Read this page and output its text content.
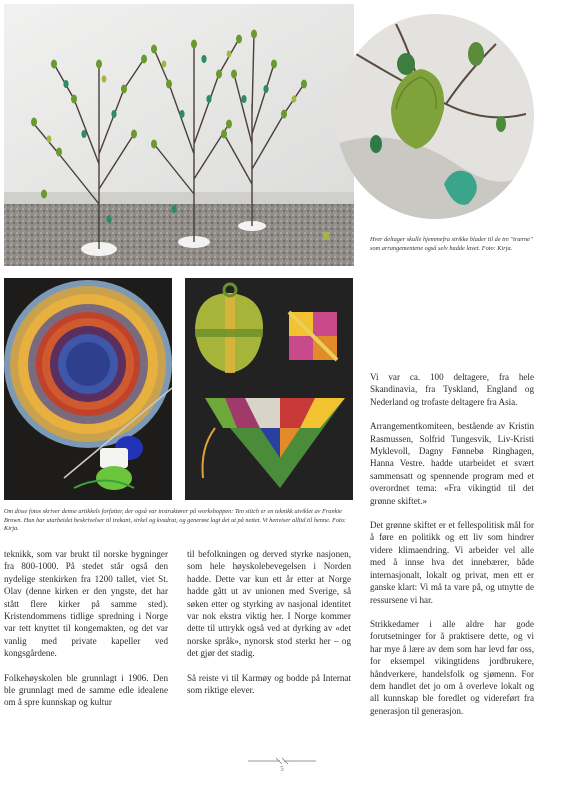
Hver deltager skulle hjemmefra strikke blader til de tre "trærne" som arrangementene også selv hadde lavet. Foto: Kirja.
Om disse fotos skriver denne artikkels forfatter, der også var instruktører på workshoppen: Ten stitch er en teknikk utviklet av Frankie Brown. Hun har utarbeidet beskrivelser til trekant, sirkel og kvadrat, og generøst lagt det ut på nettet. Vi henviser alltid til henne. Foto: Kirja.

teknikk, som var brukt til norske bygninger fra 800-1000. På stedet står også den nydelige stenkirken fra 1200 tallet, viet St. Olav (denne kirken er den yngste, det har stått flere kirker på samme sted). Kristendommens tidlige spredning i Norge var tett knyttet til kongemakten, og det var vanlig med private kapeller ved kongsgårdene.

Folkehøyskolen ble grunnlagt i 1906. Den ble grunnlagt med de samme edle idealene om å spre kunnskap og kultur

til befolkningen og derved styrke nasjonen, som hele høyskolebevegelsen i Norden hadde. Dette var kun ett år etter at Norge hadde gått ut av unionen med Sverige, så søken etter og styrking av nasjonal identitet var nok ekstra viktig her. I Norge kommer dette til uttrykk også ved at dyrking av «det norske språk», nynorsk stod sterkt her – og det gjør det stadig.

Så reiste vi til Karmøy og bodde på Internat som riktige elever.

Vi var ca. 100 deltagere, fra hele Skandinavia, fra Tyskland, England og Nederland og trofaste deltagere fra Asia.

Arrangementkomiteen, bestående av Kristin Rasmussen, Solfrid Tungesvik, Liv-Kristi Myklevoll, Dagny Fønnebø Ringhagen, Hanna Vestre. hadde utarbeidet et svært sammensatt og spennende program med et overordnet tema: «Fra vikingtid til det grønne skiftet.»

Det grønne skiftet er et fellespolitisk mål for å føre en politikk og ett liv som hindrer videre klimaendring. Vi arbeider vel alle med å innse hva det innebærer, både internasjonalt, lokalt og privat, men ett er ganske klart: Vi må ta vare på, og utnytte de ressursene vi har.

Strikkedamer i alle aldre har gode forutsetninger for å praktisere dette, og vi har mye å lære av dem som har levd før oss, for eksempel vikingtidens jordbrukere, håndverkere, handelsfolk og sjømenn. For dem handlet det jo om å overleve lokalt og all kunnskap ble foredlet og videreført fra generasjon til generasjon.

5
